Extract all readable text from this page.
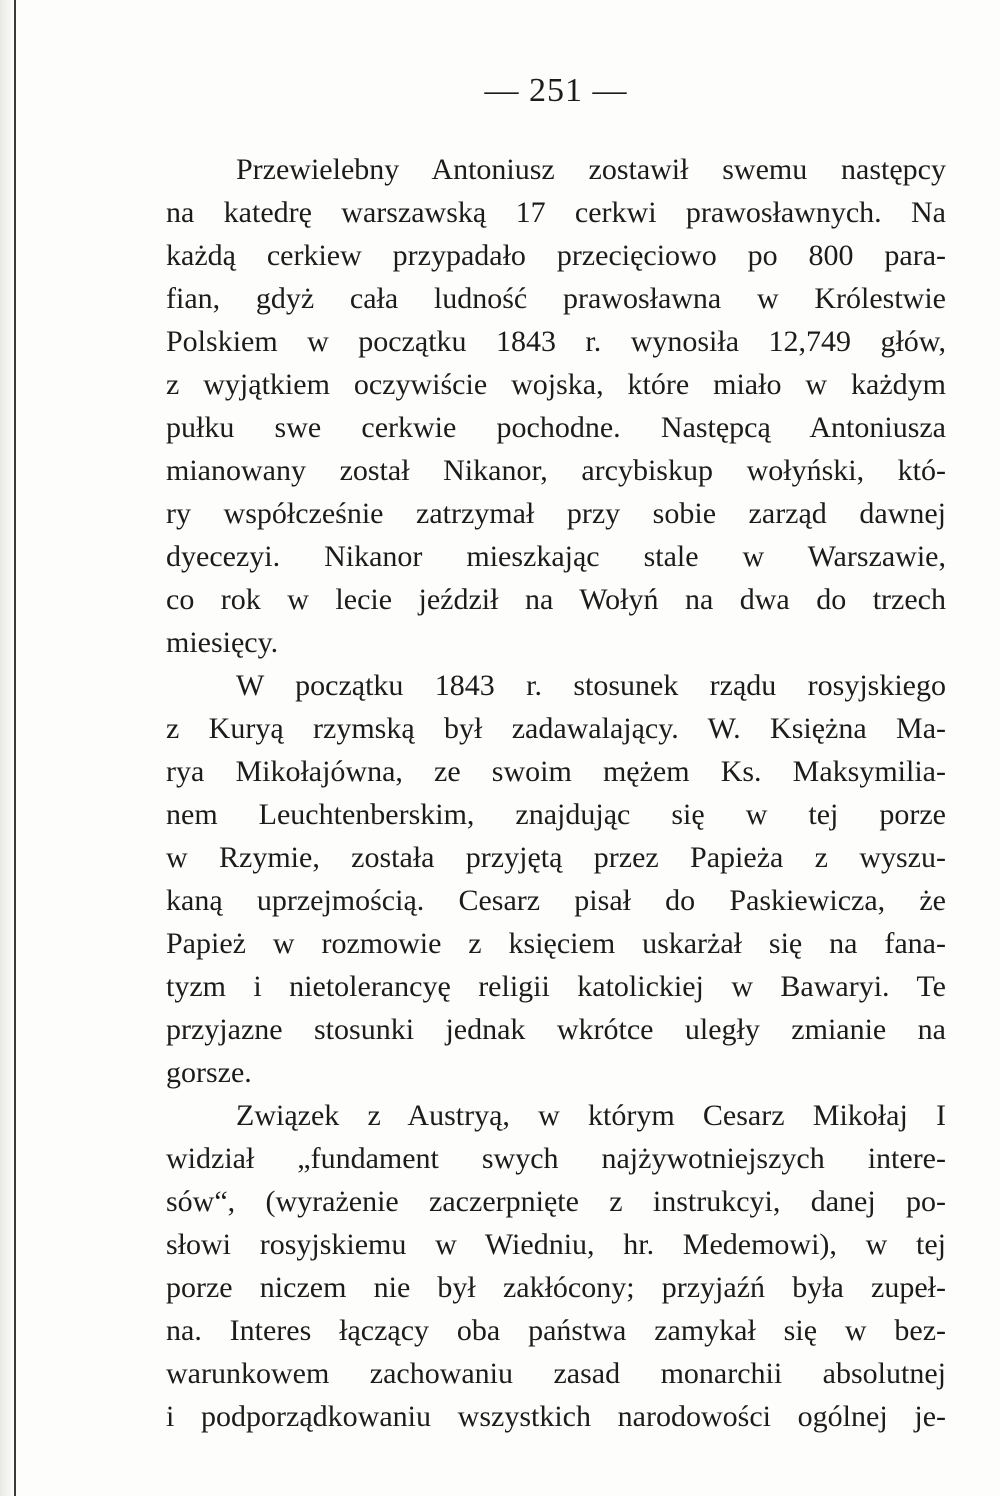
— 251 —
Przewielebny Antoniusz zostawił swemu następcy
na katedrę warszawską 17 cerkwi prawosławnych. Na
każdą cerkiew przypadało przecięciowo po 800 para-
fian, gdyż cała ludność prawosławna w Królestwie
Polskiem w początku 1843 r. wynosiła 12,749 głów,
z wyjątkiem oczywiście wojska, które miało w każdym
pułku swe cerkwie pochodne. Następcą Antoniusza
mianowany został Nikanor, arcybiskup wołyński, któ-
ry współcześnie zatrzymał przy sobie zarząd dawnej
dyecezyi. Nikanor mieszkając stale w Warszawie,
co rok w lecie jeździł na Wołyń na dwa do trzech
miesięcy.
W początku 1843 r. stosunek rządu rosyjskiego
z Kuryą rzymską był zadawalający. W. Księżna Ma-
rya Mikołajówna, ze swoim mężem Ks. Maksymilia-
nem Leuchtenberskim, znajdując się w tej porze
w Rzymie, została przyjętą przez Papieża z wyszu-
kaną uprzejmością. Cesarz pisał do Paskiewicza, że
Papież w rozmowie z księciem uskarżał się na fana-
tyzm i nietolerancyę religii katolickiej w Bawaryi. Te
przyjazne stosunki jednak wkrótce uległy zmianie na
gorsze.
Związek z Austryą, w którym Cesarz Mikołaj I
widział „fundament swych najżywotniejszych intere-
sów“, (wyrażenie zaczerpnięte z instrukcyi, danej po-
słowi rosyjskiemu w Wiedniu, hr. Medemowi), w tej
porze niczem nie był zakłócony; przyjaźń była zupeł-
na. Interes łączący oba państwa zamykał się w bez-
warunkowem zachowaniu zasad monarchii absolutnej
i podporządkowaniu wszystkich narodowości ogólnej je-
